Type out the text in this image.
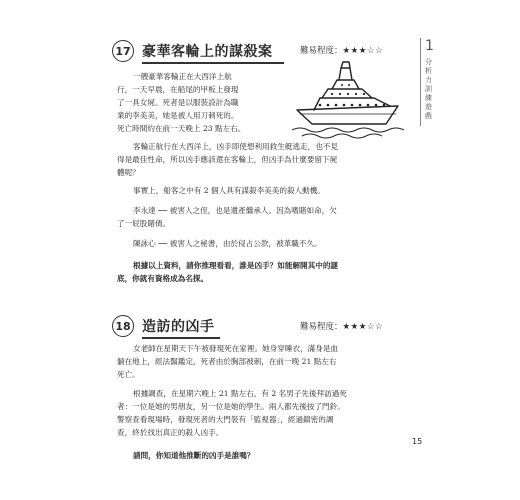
1
分析力訓練遊戲
17 豪華客輪上的謀殺案	難易程度：★★★☆☆

一艘豪華客輪正在大西洋上航

行，一天早晨，在船尾的甲板上發現

了一具女屍。死者是以服裝設計為職

業的李美美，她是被人用刀刺死的。

死亡時間約在前一天晚上 23 點左右。

客輪正航行在大西洋上，凶手即使想利用救生艇逃走，也不見

得是最佳性命，所以凶手應該還在客輪上，但凶手為什麼要留下屍

體呢？

事實上，船客之中有 2 個人具有謀殺李美美的殺人動機。

李永達 ── 被害人之侄，也是遺產繼承人。因為嗜賭如命，欠

了一屁股賭債。

陳詠心 ── 被害人之秘書，由於侵占公款，被革職不久。

根據以上資料，請你推理看看，誰是凶手？如能解開其中的謎

底，你就有資格成為名探。

18 造訪的凶手	難易程度：★★★☆☆

女老師在星期天下午被發現死在家裡。她身穿睡衣，滿身是血

躺在地上，經法醫鑑定，死者由於胸部被刺，在前一晚 21 點左右

死亡。

根據調查，在星期六晚上 21 點左右，有 2 名男子先後拜訪過死

者：一位是她的男朋友，另一位是她的學生。兩人都先後按了門鈴。

警察查看現場時，發現死者的大門裝有「監視器」，經過鎮密的調

查，終於找出真正的殺人凶手。

請問，你知道他推斷的凶手是誰嗎？

15
